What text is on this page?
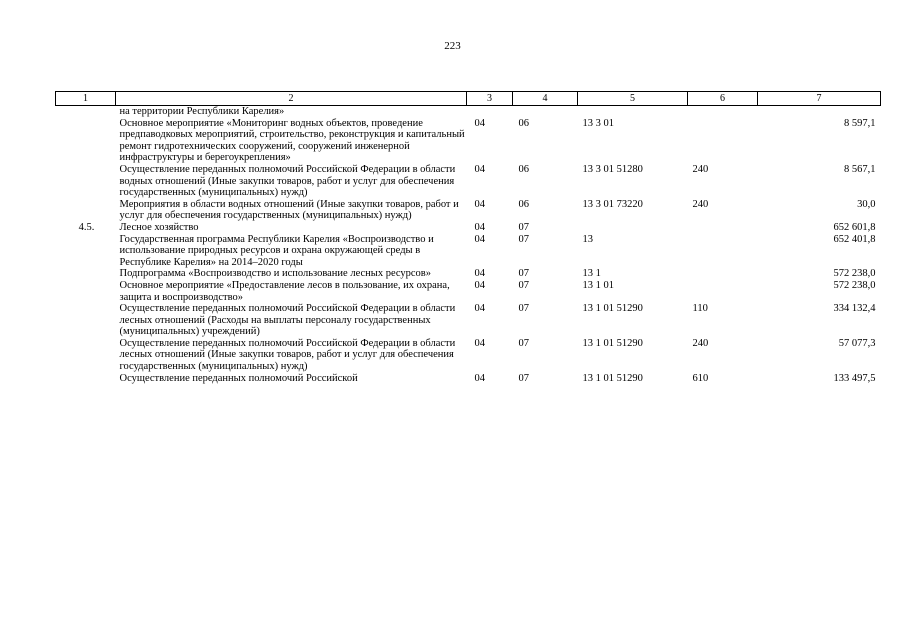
223
1	2	3	4	5	6	7
	на территории Республики Карелия»					
	Основное мероприятие «Мониторинг водных объектов, проведение предпаводковых мероприятий, строительство, реконструкция и капитальный ремонт гидротехнических сооружений, сооружений инженерной инфраструктуры и берегоукрепления»	04	06	13 3 01		8 597,1
	Осуществление переданных полномочий Российской Федерации в области водных отношений (Иные закупки товаров, работ и услуг для обеспечения государственных (муниципальных) нужд)	04	06	13 3 01 51280	240	8 567,1
	Мероприятия в области водных отношений (Иные закупки товаров, работ и услуг для обеспечения государственных (муниципальных) нужд)	04	06	13 3 01 73220	240	30,0
4.5.	Лесное хозяйство	04	07			652 601,8
	Государственная программа Республики Карелия «Воспроизводство и использование природных ресурсов и охрана окружающей среды в Республике Карелия» на 2014–2020 годы	04	07	13		652 401,8
	Подпрограмма «Воспроизводство и использование лесных ресурсов»	04	07	13 1		572 238,0
	Основное мероприятие «Предоставление лесов в пользование, их охрана, защита и воспроизводство»	04	07	13 1 01		572 238,0
	Осуществление переданных полномочий Российской Федерации в области лесных отношений (Расходы на выплаты персоналу государственных (муниципальных) учреждений)	04	07	13 1 01 51290	110	334 132,4
	Осуществление переданных полномочий Российской Федерации в области лесных отношений (Иные закупки товаров, работ и услуг для обеспечения государственных (муниципальных) нужд)	04	07	13 1 01 51290	240	57 077,3
	Осуществление переданных полномочий Российской	04	07	13 1 01 51290	610	133 497,5
